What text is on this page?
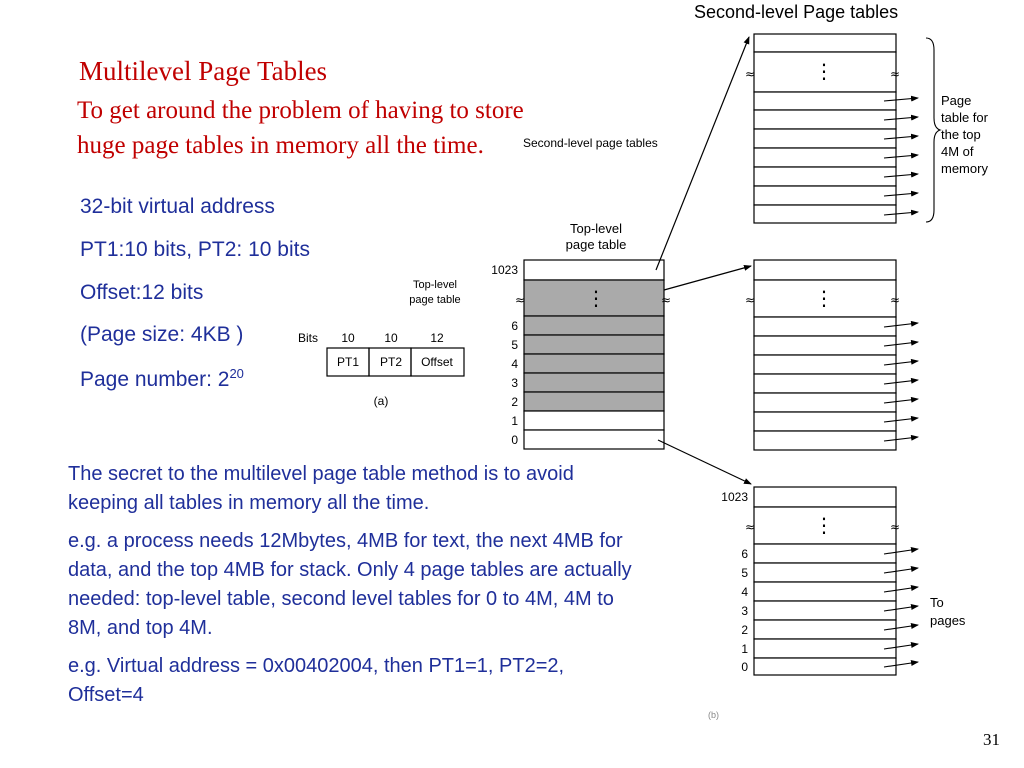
Multilevel Page Tables
To get around the problem of having to store huge page tables in memory all the time.
32-bit virtual address
PT1:10 bits, PT2: 10 bits
Offset:12 bits
(Page size: 4KB )
Page number: $2^{20}$

The secret to the multilevel page table method is to avoid keeping all tables in memory all the time.

e.g. a process needs 12Mbytes, 4MB for text, the next 4MB for data, and the top 4MB for stack. Only 4 page tables are actually needed: top-level table, second level tables for 0 to 4M, 4M to 8M, and top 4M.

e.g. Virtual address = 0x00402004, then PT1=1, PT2=2, Offset=4

31
Bits 10 10	12
PT1 PT2 Offset
(a)
Top-level
page table
Top-level
page table	⋮
1023
6
5
4
3
2
1
0
≈	≈
⋮
≈	≈
Page
table for
the top
4M of
memory
⋮
≈	≈
⋮
1023
6
5
4
3
2
1
0
≈	≈
To
pages
(b)
Second-level Page tables
Second-level page tables
